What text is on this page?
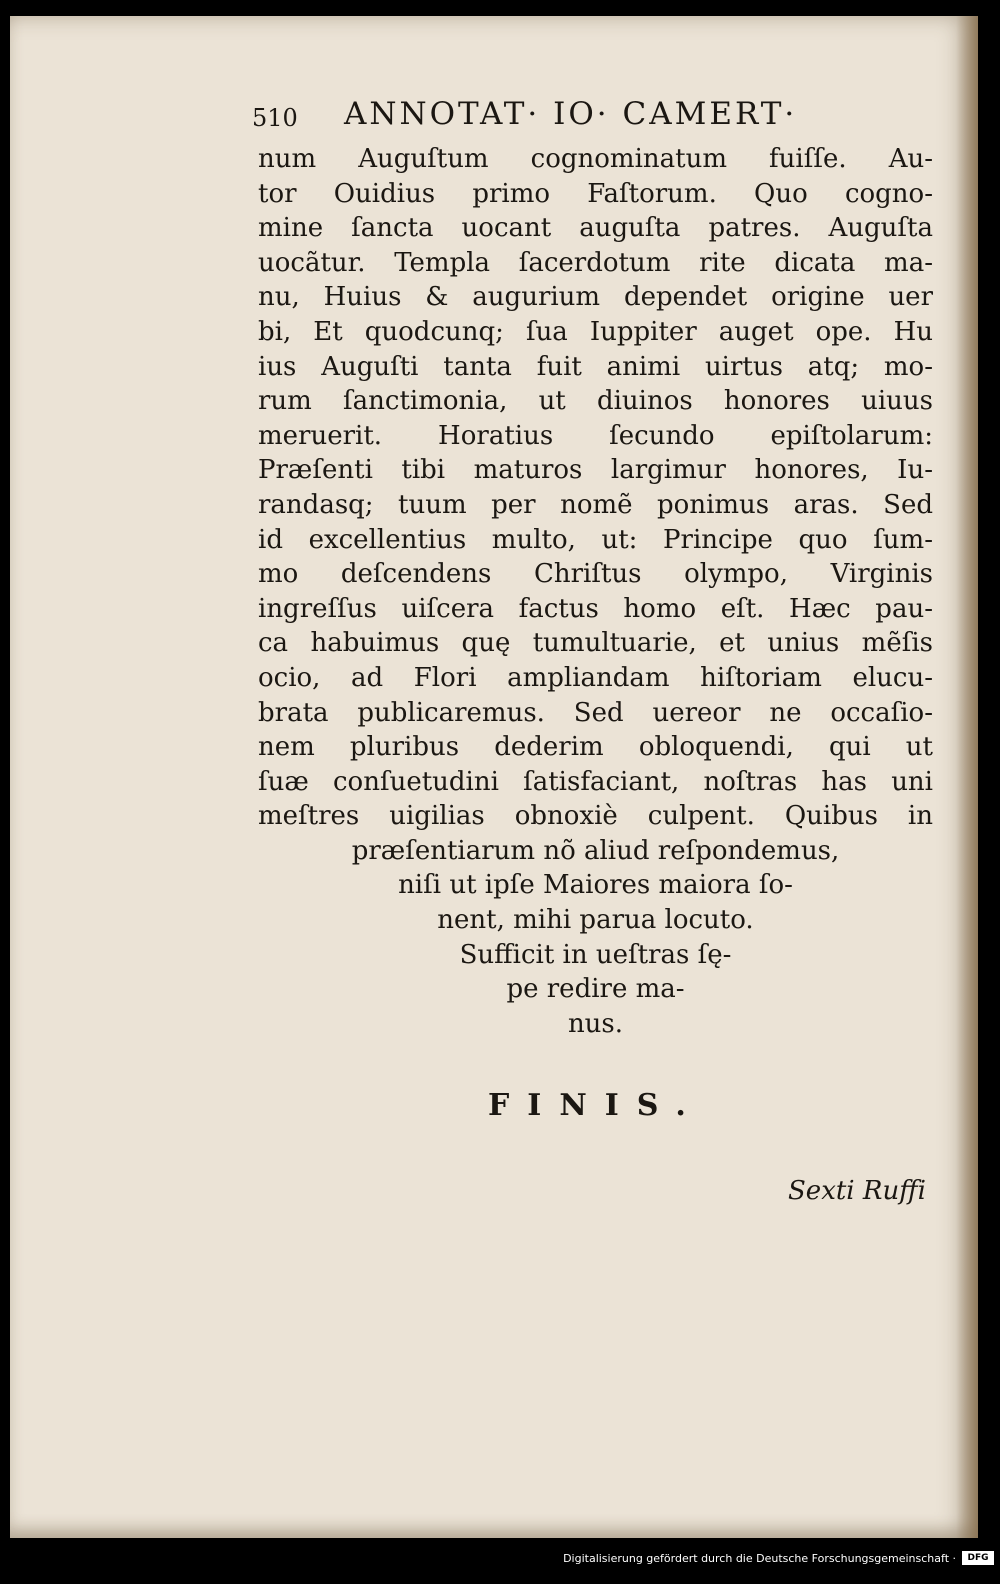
510 ANNOTAT· IO· CAMERT·
num Auguſtum cognominatum fuiſſe. Au‐
tor Ouidius primo Faſtorum. Quo cogno‐
mine ſancta uocant auguſta patres. Auguſta
uocãtur. Templa ſacerdotum rite dicata ma‐
nu, Huius & augurium dependet origine uer
bi, Et quodcunq; ſua Iuppiter auget ope. Hu
ius Auguſti tanta fuit animi uirtus atq; mo‐
rum ſanctimonia, ut diuinos honores uiuus
meruerit. Horatius ſecundo epiſtolarum:
Præſenti tibi maturos largimur honores, Iu‐
randasq; tuum per nomẽ ponimus aras. Sed
id excellentius multo, ut: Principe quo ſum‐
mo deſcendens Chriſtus olympo, Virginis
ingreſſus uiſcera factus homo eſt. Hæc pau‐
ca habuimus quę tumultuarie, et unius mẽſis
ocio, ad Flori ampliandam hiſtoriam elucu‐
brata publicaremus. Sed uereor ne occaſio‐
nem pluribus dederim obloquendi, qui ut
ſuæ conſuetudini ſatisfaciant, noſtras has uni
meſtres uigilias obnoxiè culpent. Quibus in
præſentiarum nõ aliud reſpondemus,
niſi ut ipſe Maiores maiora ſo‐
nent, mihi parua locuto.
Sufficit in ueſtras ſę‐
pe redire ma‐
nus.
FINIS.
Sexti Ruffi
Digitalisierung gefördert durch die Deutsche Forschungsgemeinschaft ·	DFG
